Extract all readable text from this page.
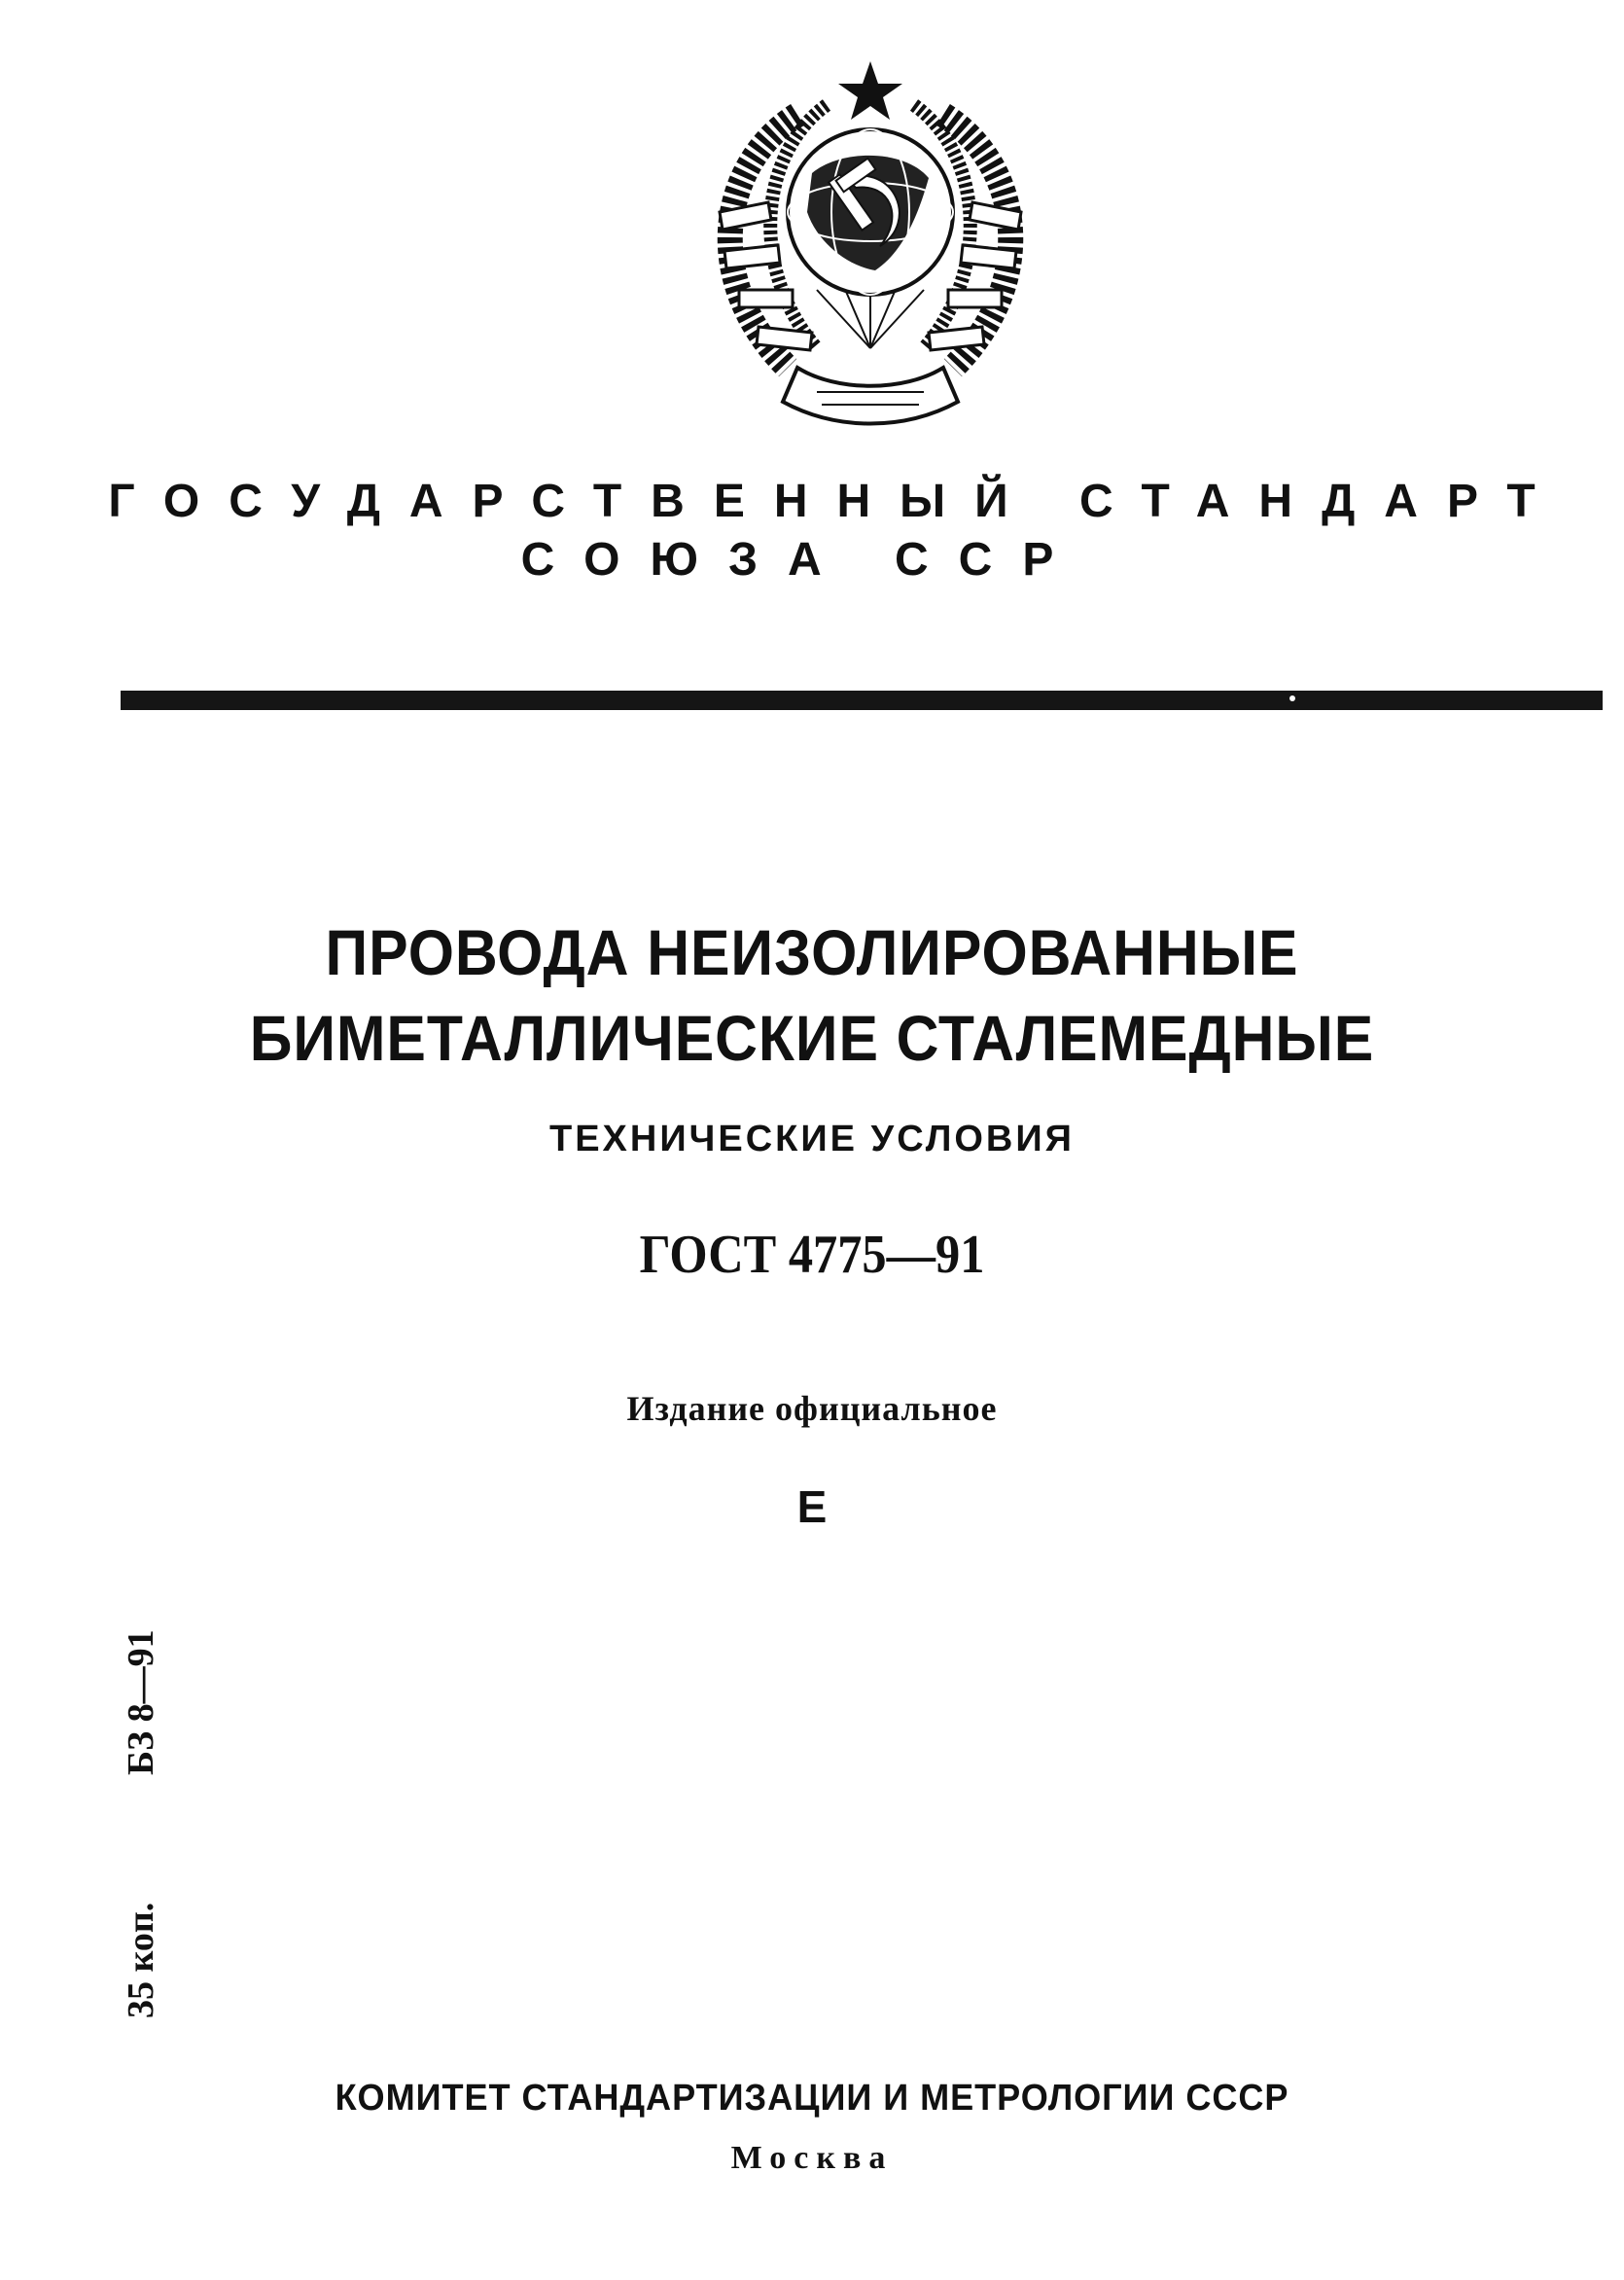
ГОСУДАРСТВЕННЫЙ СТАНДАРТ
СОЮЗА ССР
ПРОВОДА НЕИЗОЛИРОВАННЫЕ
БИМЕТАЛЛИЧЕСКИЕ СТАЛЕМЕДНЫЕ
ТЕХНИЧЕСКИЕ УСЛОВИЯ
ГОСТ 4775—91
Издание официальное
Е
БЗ 8—91
35 коп.
КОМИТЕТ СТАНДАРТИЗАЦИИ И МЕТРОЛОГИИ СССР
Москва
